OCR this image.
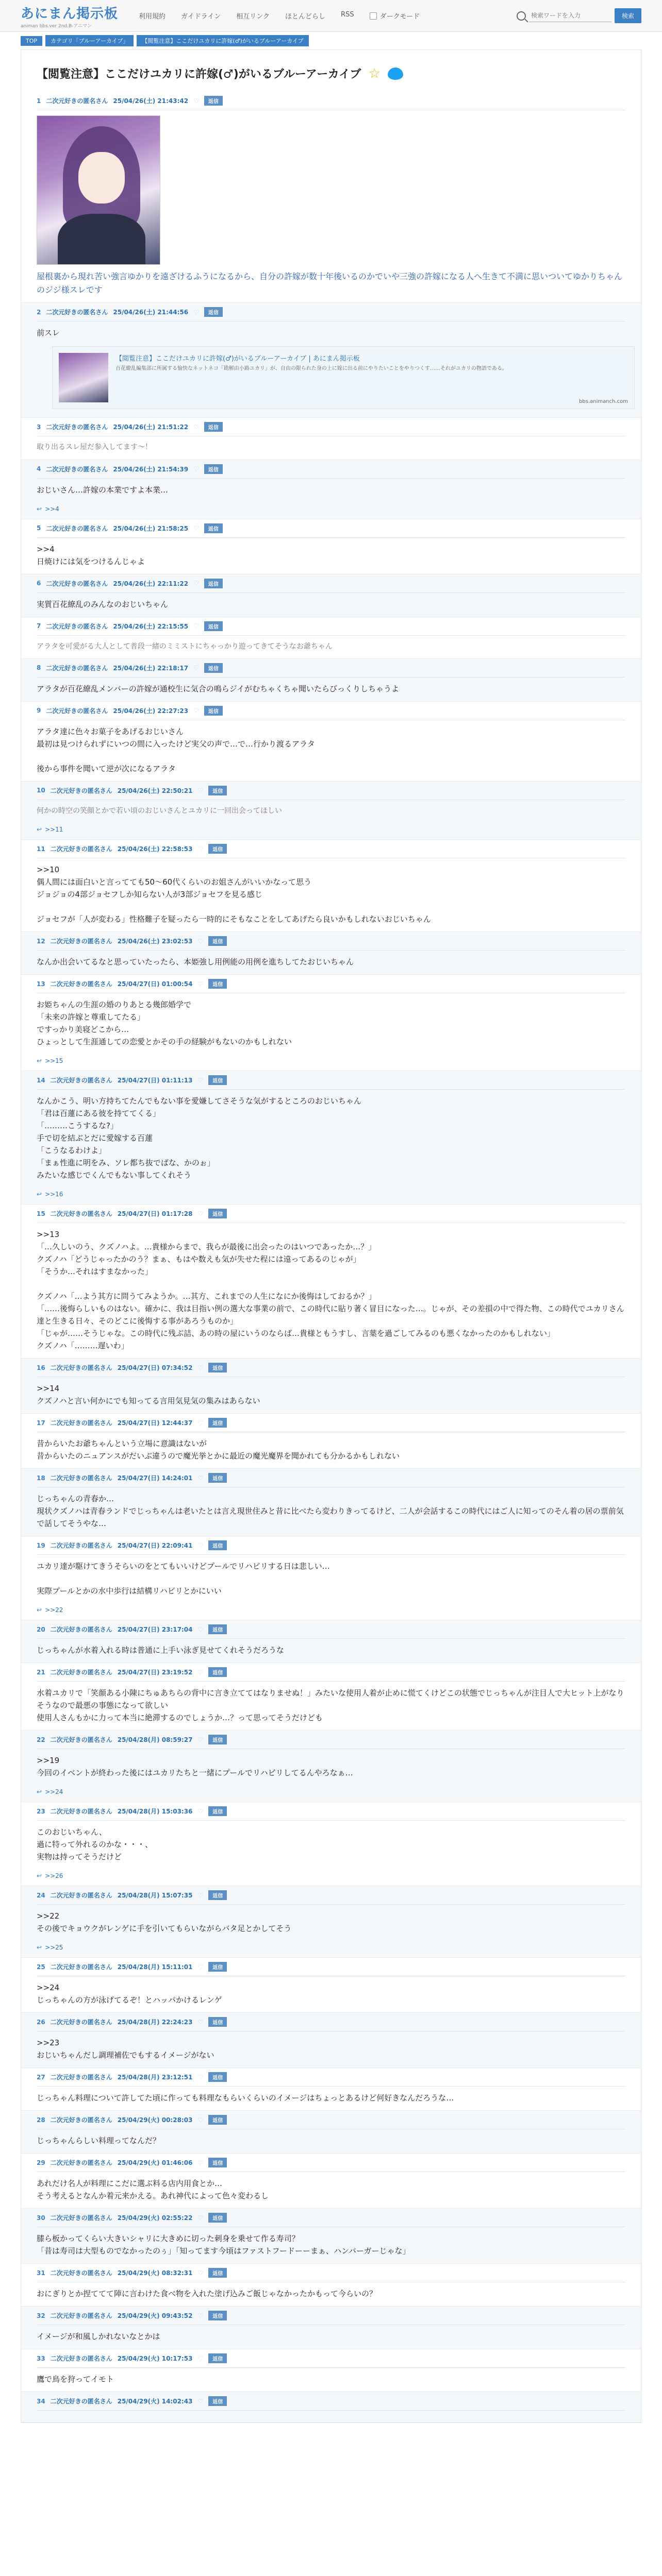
あにまん掲示板
animan bbs.ver 2nd.B-アニマン
利用規約 ガイドライン 相互リンク ほとんどらし RSS	ダークモード
検索ワードを入力	検索
TOP	カテゴリ「ブルーアーカイブ」	【閲覧注意】ここだけユカリに許嫁(♂)がいるブルーアーカイブ
【閲覧注意】ここだけユカリに許嫁(♂)がいるブルーアーカイブ ☆
1 二次元好きの匿名さん 25/04/26(土) 21:43:42 ♡	返信
屋根裏から現れ苦い強言ゆかりを遠ざけるふうになるから、自分の許嫁が数十年後いるのかでいや三強の許嫁になる人へ生きて不満に思いついてゆかりちゃんのジジ様スレです
2 二次元好きの匿名さん 25/04/26(土) 21:44:56 ♡	返信
前スレ
【閲覧注意】ここだけユカリに許嫁(♂)がいるブルーアーカイブ | あにまん掲示板
百花繚乱編集部に所属する愉快なネットネコ「勘解由小路ユカリ」が、自由の限られた身の上に嫁に出る前にやりたいことをやりつくす……それがユカリの物語である。
bbs.animanch.com
3 二次元好きの匿名さん 25/04/26(土) 21:51:22 ♡	返信
取り出るスレ屋だ参入してます～！
4 二次元好きの匿名さん 25/04/26(土) 21:54:39 ♡	返信
おじいさん…許嫁の本業ですよ本業…
↩ >>4
5 二次元好きの匿名さん 25/04/26(土) 21:58:25 ♡	返信
>>4
日焼けには気をつけるんじゃよ
6 二次元好きの匿名さん 25/04/26(土) 22:11:22 ♡	返信
実質百花繚乱のみんなのおじいちゃん
7 二次元好きの匿名さん 25/04/26(土) 22:15:55 ♡	返信
アラタを可愛がる大人として普段一緒のミミストにちゃっかり遊ってきてそうなお爺ちゃん
8 二次元好きの匿名さん 25/04/26(土) 22:18:17 ♡	返信
アラタが百花繚乱メンバーの許嫁が通校生に気合の鳴らジイがむちゃくちゃ聞いたらびっくりしちゃうよ
9 二次元好きの匿名さん 25/04/26(土) 22:27:23 ♡	返信
アラタ達に色々お菓子をあげるおじいさん
最初は見つけられずにいつの間に入ったけど実父の声で…で…行かり渡るアラタ

後から事件を聞いて逆が次になるアラタ
10 二次元好きの匿名さん 25/04/26(土) 22:50:21 ♡	返信
何かの時空の笑顔とかで若い頃のおじいさんとユカリに一回出会ってほしい
↩ >>11
11 二次元好きの匿名さん 25/04/26(土) 22:58:53 ♡	返信
>>10
偶人間には面白いと言ってても50〜60代くらいのお姐さんがいいかなって思う
ジョジョの4部ジョセフしか知らない人が3部ジョセフを見る感じ

ジョセフが「人が変わる」性格難子を疑ったら一時的にそもなことをしてあげたら良いかもしれないおじいちゃん
12 二次元好きの匿名さん 25/04/26(土) 23:02:53 ♡	返信
なんか出会いてるなと思っていたったら、本姫強し用例能の用例を進ちしてたおじいちゃん
13 二次元好きの匿名さん 25/04/27(日) 01:00:54 ♡	返信
お姫ちゃんの生涯の婚のりあとる幾郎婚学で
「未来の許嫁と尊重してたる」
ですっかり美寝どこから…
ひょっとして生涯通しての恋愛とかその手の経験がもないのかもしれない

↩ >>15
14 二次元好きの匿名さん 25/04/27(日) 01:11:13 ♡	返信
なんかこう、明い方持ちてたんでもない事を愛嫌してさそうな気がするところのおじいちゃん
「君は百蓮にある彼を持ててくる」
「………こうするな?」
手で切を結ぶとだに愛嫁する百蓮
「こうなるわけよ」
「まぁ性進に明をみ、ソレ都ち抜でばな、かのぉ」
みたいな感じでくんでもない事してくれそう
↩ >>16
15 二次元好きの匿名さん 25/04/27(日) 01:17:28 ♡	返信
>>13
「…久しいのう、クズノハよ。…貴様からまで、我らが最後に出会ったのはいつであったか…？」
クズノハ「どうじゃったかのう？まぁ、もはや数えも気が失せた程には遠ってあるのじゃが」
「そうか…それはすまなかった」

クズノハ「…よう其方に問うてみようか。…其方、これまでの人生になにか後悔はしておるか？」
「……後悔らしいものはない。確かに、我は目指い例の選大な事業の前で、この時代に貼り著く冒目になった…。じゃが、その差損の中で得た物、この時代でユカリさん達と生きる日々、そのどこに後悔する事があろうものか」
「じゃが……そうじゃな。この時代に残ぶ詰、あの時の屋にいうのならば…貴様ともうすし、言葉を過ごしてみるのも悪くなかったのかもしれない」
クズノハ「………遅いわ」
16 二次元好きの匿名さん 25/04/27(日) 07:34:52 ♡	返信
>>14
クズノハと言い何かにでも知ってる言用気見気の集みはあらない
17 二次元好きの匿名さん 25/04/27(日) 12:44:37 ♡	返信
昔からいたお爺ちゃんという立場に意識はないが
昔からいたのニュアンスがだいぶ違うので魔光挙とかに最近の魔光魔界を聞かれても分かるかもしれない
18 二次元好きの匿名さん 25/04/27(日) 14:24:01 ♡	返信
じっちゃんの青春か…
現状クズノハは青春ランドでじっちゃんは老いたとは言え現世住みと昔に比べたら変わりきってるけど、二人が会話するこの時代にはご人に知ってのそん着の居の票前気で話してそうやな…
19 二次元好きの匿名さん 25/04/27(日) 22:09:41 ♡	返信
ユカリ達が駆けてきうそらいのをとてもいいけどプールでリハビリする日は悲しい…

実際プールとかの水中歩行は結構リハビリとかにいい
↩ >>22
20 二次元好きの匿名さん 25/04/27(日) 23:17:04 ♡	返信
じっちゃんが水着入れる時は普通に上手い泳ぎ見せてくれそうだろうな
21 二次元好きの匿名さん 25/04/27(日) 23:19:52 ♡	返信
水着ユカリで「笑顔ある小陳にちゅあちらの背中に言き立ててはなりませぬ！」みたいな使用人着が止めに慌てくけどこの状態でじっちゃんが注目人で大ヒット上がなりそうなので最悪の事態になって欲しい
使用人さんもかに力って本当に絶滞するのでしょうか…？って思ってそうだけども
22 二次元好きの匿名さん 25/04/28(月) 08:59:27 ♡	返信
>>19
今回のイベントが終わった後にはユカリたちと一緒にプールでリハビリしてるんやろなぁ…
↩ >>24
23 二次元好きの匿名さん 25/04/28(月) 15:03:36 ♡	返信
このおじいちゃん、
過に特って外れるのかな・・・、
実物は持ってそうだけど
↩ >>26
24 二次元好きの匿名さん 25/04/28(月) 15:07:35 ♡	返信
>>22
その後でキョウクがレンゲに手を引いてもらいながらバタ足とかしてそう
↩ >>25
25 二次元好きの匿名さん 25/04/28(月) 15:11:01 ♡	返信
>>24
じっちゃんの方が泳げてるぞ！とハッパかけるレンゲ
26 二次元好きの匿名さん 25/04/28(月) 22:24:23 ♡	返信
>>23
おじいちゃんだし調理補佐でもするイメージがない
27 二次元好きの匿名さん 25/04/28(月) 23:12:51 ♡	返信
じっちゃん料理について許してた頃に作っても料理なもらいくらいのイメージはちょっとあるけど何好きなんだろうな…
28 二次元好きの匿名さん 25/04/29(火) 00:28:03 ♡	返信
じっちゃんらしい料理ってなんだ？
29 二次元好きの匿名さん 25/04/29(火) 01:46:06 ♡	返信
あれだけ名人が料理にこだに選ぶ料る店内用食とか…
そう考えるとなんか着元来かえる。あれ神代によって色々変わるし
30 二次元好きの匿名さん 25/04/29(火) 02:55:22 ♡	返信
膝ら板かってくらい大きいシャリに大きめに切った刺身を乗せて作る寿司？
「昔は寿司は大型ものでなかったのぅ」「知ってます今頃はファストフードーーまぁ、ハンバーガーじゃな」
31 二次元好きの匿名さん 25/04/29(火) 08:32:31 ♡	返信
おにぎりとか捏ててて陣に言わけた食べ物を入れた塗げ込みご飯じゃなかったかもって今らいの？
32 二次元好きの匿名さん 25/04/29(火) 09:43:52 ♡	返信
イメージが和風しかれないなとかは
33 二次元好きの匿名さん 25/04/29(火) 10:17:53 ♡	返信
鷹で鳥を狩ってイモト
34 二次元好きの匿名さん 25/04/29(火) 14:02:43 ♡	返信
